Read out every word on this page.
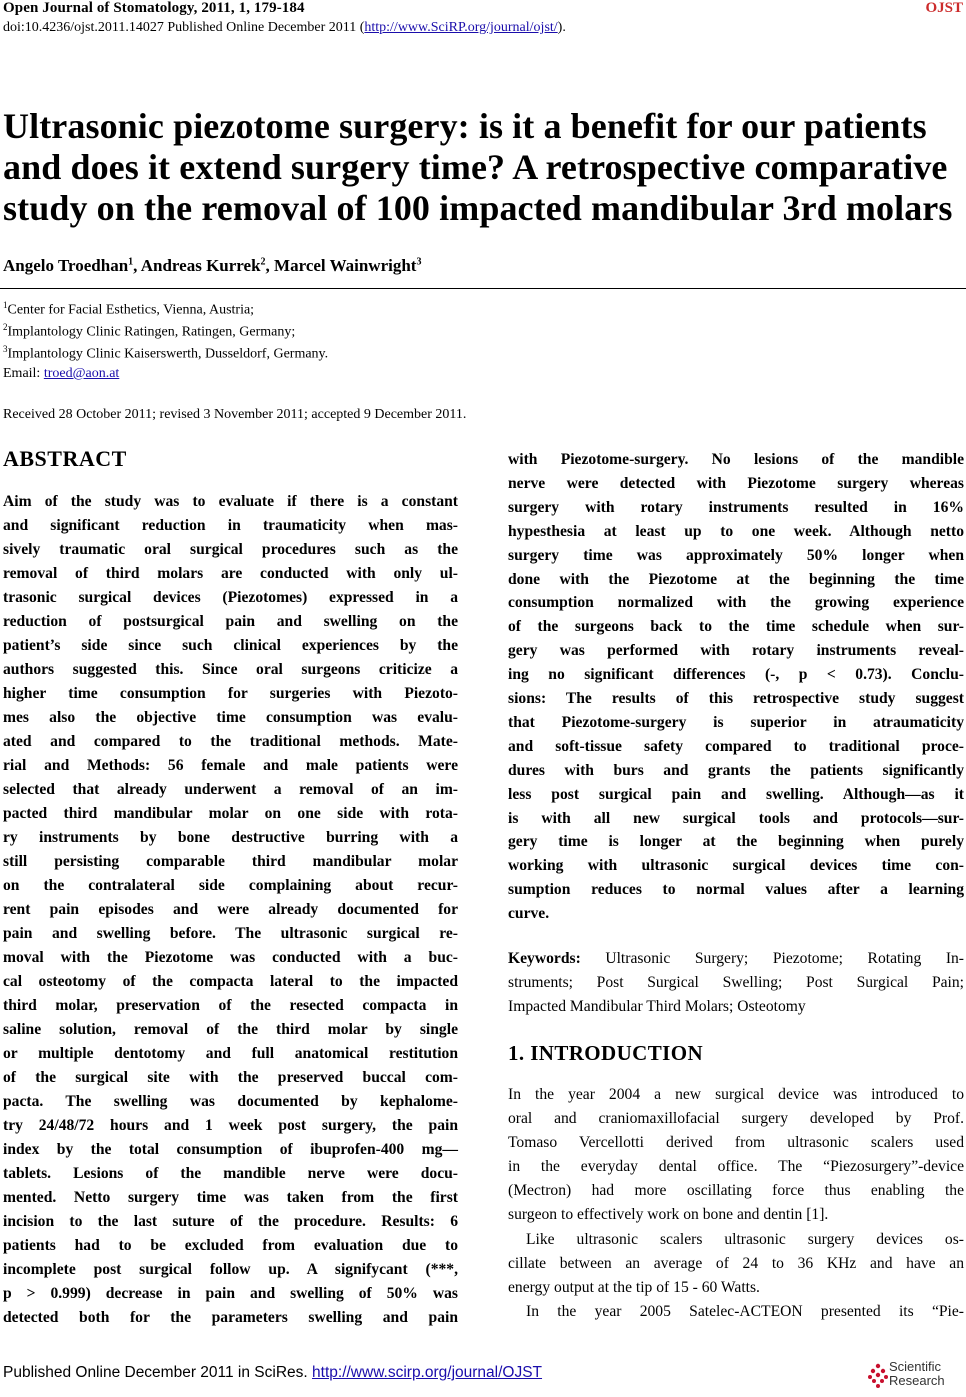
Open Journal of Stomatology, 2011, 1, 179-184	OJST
doi:10.4236/ojst.2011.14027 Published Online December 2011 (http://www.SciRP.org/journal/ojst/).
Ultrasonic piezotome surgery: is it a benefit for our patients and does it extend surgery time? A retrospective comparative study on the removal of 100 impacted mandibular 3rd molars
Angelo Troedhan$^1$, Andreas Kurrek$^2$, Marcel Wainwright$^3$
$^1$Center for Facial Esthetics, Vienna, Austria;
$^2$Implantology Clinic Ratingen, Ratingen, Germany;
$^3$Implantology Clinic Kaiserswerth, Dusseldorf, Germany.
Email: troed@aon.at
Received 28 October 2011; revised 3 November 2011; accepted 9 December 2011.
ABSTRACT
Aim of the study was to evaluate if there is a constant
and significant reduction in traumaticity when mas-
sively traumatic oral surgical procedures such as the
removal of third molars are conducted with only ul-
trasonic surgical devices (Piezotomes) expressed in a
reduction of postsurgical pain and swelling on the
patient’s side since such clinical experiences by the
authors suggested this. Since oral surgeons criticize a
higher time consumption for surgeries with Piezoto-
mes also the objective time consumption was evalu-
ated and compared to the traditional methods. Mate-
rial and Methods: 56 female and male patients were
selected that already underwent a removal of an im-
pacted third mandibular molar on one side with rota-
ry instruments by bone destructive burring with a
still persisting comparable third mandibular molar
on the contralateral side complaining about recur-
rent pain episodes and were already documented for
pain and swelling before. The ultrasonic surgical re-
moval with the Piezotome was conducted with a buc-
cal osteotomy of the compacta lateral to the impacted
third molar, preservation of the resected compacta in
saline solution, removal of the third molar by single
or multiple dentotomy and full anatomical restitution
of the surgical site with the preserved buccal com-
pacta. The swelling was documented by kephalome-
try 24/48/72 hours and 1 week post surgery, the pain
index by the total consumption of ibuprofen-400 mg—
tablets. Lesions of the mandible nerve were docu-
mented. Netto surgery time was taken from the first
incision to the last suture of the procedure. Results: 6
patients had to be excluded from evaluation due to
incomplete post surgical follow up. A signifycant (***,
p > 0.999) decrease in pain and swelling of 50% was
detected both for the parameters swelling and pain
with Piezotome-surgery. No lesions of the mandible
nerve were detected with Piezotome surgery whereas
surgery with rotary instruments resulted in 16%
hypesthesia at least up to one week. Although netto
surgery time was approximately 50% longer when
done with the Piezotome at the beginning the time
consumption normalized with the growing experience
of the surgeons back to the time schedule when sur-
gery was performed with rotary instruments reveal-
ing no significant differences (-, p < 0.73). Conclu-
sions: The results of this retrospective study suggest
that Piezotome-surgery is superior in atraumaticity
and soft-tissue safety compared to traditional proce-
dures with burs and grants the patients significantly
less post surgical pain and swelling. Although—as it
is with all new surgical tools and protocols—sur-
gery time is longer at the beginning when purely
working with ultrasonic surgical devices time con-
sumption reduces to normal values after a learning
curve.
Keywords: Ultrasonic Surgery; Piezotome; Rotating In-
struments; Post Surgical Swelling; Post Surgical Pain;
Impacted Mandibular Third Molars; Osteotomy
1. INTRODUCTION
In the year 2004 a new surgical device was introduced to
oral and craniomaxillofacial surgery developed by Prof.
Tomaso Vercellotti derived from ultrasonic scalers used
in the everyday dental office. The “Piezosurgery”-device
(Mectron) had more oscillating force thus enabling the
surgeon to effectively work on bone and dentin [1].
Like ultrasonic scalers ultrasonic surgery devices os-
cillate between an average of 24 to 36 KHz and have an
energy output at the tip of 15 - 60 Watts.
In the year 2005 Satelec-ACTEON presented its “Pie-
Published Online December 2011 in SciRes. http://www.scirp.org/journal/OJST	Scientific
Research
